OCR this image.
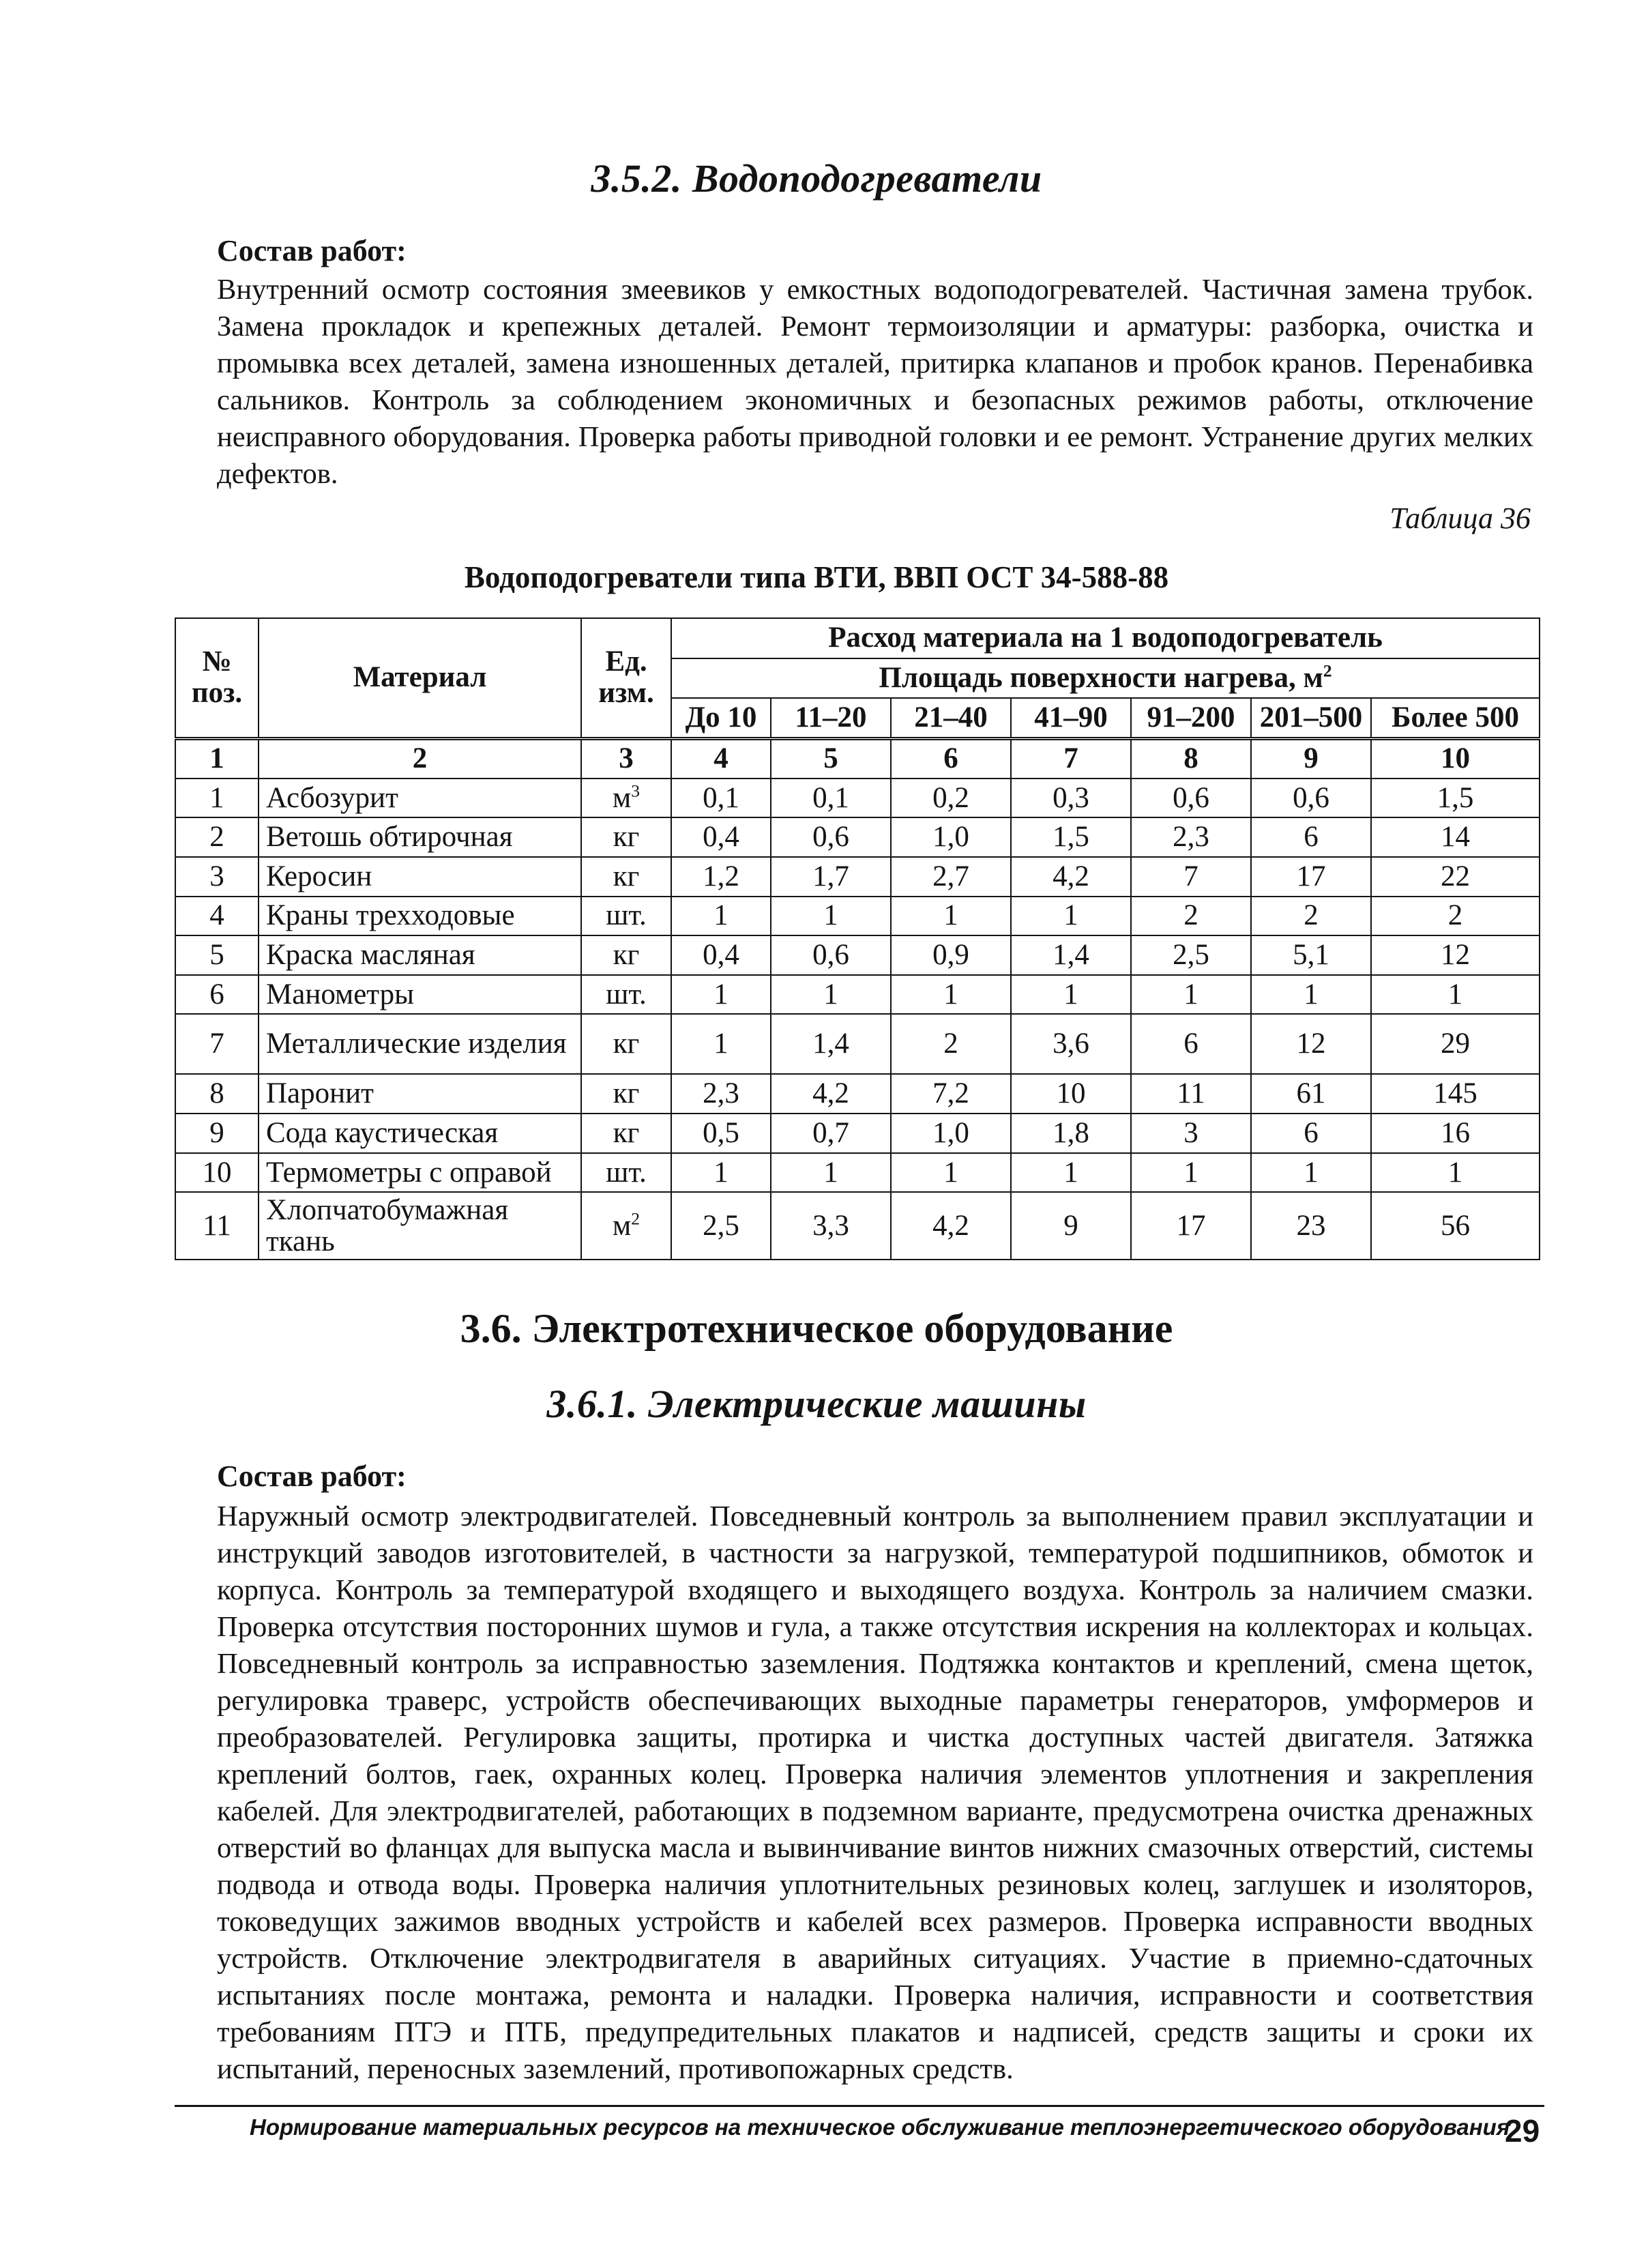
3.5.2. Водоподогреватели
Состав работ:

Внутренний осмотр состояния змеевиков у емкостных водоподогревателей. Частичная замена трубок. Замена прокладок и крепежных деталей. Ремонт термоизоляции и арматуры: разборка, очистка и промывка всех деталей, замена изношенных деталей, притирка клапанов и пробок кранов. Перенабивка сальников. Контроль за соблюдением экономичных и безопасных режимов работы, отключение неисправного оборудования. Проверка работы приводной головки и ее ремонт. Устранение других мелких дефектов.

Таблица 36
Водоподогреватели типа ВТИ, ВВП ОСТ 34-588-88
№ поз.	Материал	Ед. изм.	Расход материала на 1 водоподогреватель						
			Площадь поверхности нагрева, $м^2$
			До 10	11–20	21–40	41–90	91–200	201–500	Более 500
1	2	3	4	5	6	7	8	9	10
1	Асбозурит	$м^3$	0,1	0,1	0,2	0,3	0,6	0,6	1,5
2	Ветошь обтирочная	кг	0,4	0,6	1,0	1,5	2,3	6	14
3	Керосин	кг	1,2	1,7	2,7	4,2	7	17	22
4	Краны трехходовые	шт.	1	1	1	1	2	2	2
5	Краска масляная	кг	0,4	0,6	0,9	1,4	2,5	5,1	12
6	Манометры	шт.	1	1	1	1	1	1	1
7	Металлические изделия	кг	1	1,4	2	3,6	6	12	29
8	Паронит	кг	2,3	4,2	7,2	10	11	61	145
9	Сода каустическая	кг	0,5	0,7	1,0	1,8	3	6	16
10	Термометры с оправой	шт.	1	1	1	1	1	1	1
11	Хлопчатобумажная ткань	$м^2$	2,5	3,3	4,2	9	17	23	56
3.6. Электротехническое оборудование
3.6.1. Электрические машины
Состав работ:

Наружный осмотр электродвигателей. Повседневный контроль за выполнением правил эксплуатации и инструкций заводов изготовителей, в частности за нагрузкой, температурой подшипников, обмоток и корпуса. Контроль за температурой входящего и выходящего воздуха. Контроль за наличием смазки. Проверка отсутствия посторонних шумов и гула, а также отсутствия искрения на коллекторах и кольцах. Повседневный контроль за исправностью заземления. Подтяжка контактов и креплений, смена щеток, регулировка траверс, устройств обеспечивающих выходные параметры генераторов, умформеров и преобразователей. Регулировка защиты, протирка и чистка доступных частей двигателя. Затяжка креплений болтов, гаек, охранных колец. Проверка наличия элементов уплотнения и закрепления кабелей. Для электродвигателей, работающих в подземном варианте, предусмотрена очистка дренажных отверстий во фланцах для выпуска масла и вывинчивание винтов нижних смазочных отверстий, системы подвода и отвода воды. Проверка наличия уплотнительных резиновых колец, заглушек и изоляторов, токоведущих зажимов вводных устройств и кабелей всех размеров. Проверка исправности вводных устройств. Отключение электродвигателя в аварийных ситуациях. Участие в приемно-сдаточных испытаниях после монтажа, ремонта и наладки. Проверка наличия, исправности и соответствия требованиям ПТЭ и ПТБ, предупредительных плакатов и надписей, средств защиты и сроки их испытаний, переносных заземлений, противопожарных средств.

Нормирование материальных ресурсов на техническое обслуживание теплоэнергетического оборудования
29
